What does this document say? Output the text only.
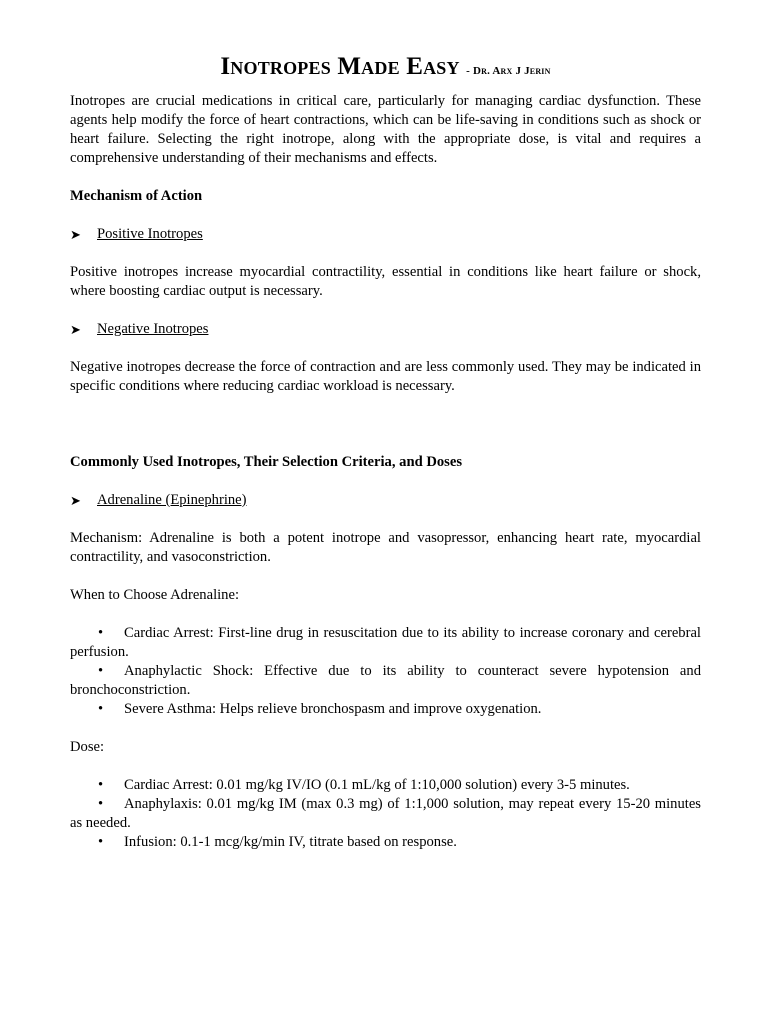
Inotropes Made Easy - Dr. Arx J Jerin

Inotropes are crucial medications in critical care, particularly for managing cardiac dysfunction. These agents help modify the force of heart contractions, which can be life-saving in conditions such as shock or heart failure. Selecting the right inotrope, along with the appropriate dose, is vital and requires a comprehensive understanding of their mechanisms and effects.

Mechanism of Action
➤	Positive Inotropes

Positive inotropes increase myocardial contractility, essential in conditions like heart failure or shock, where boosting cardiac output is necessary.

➤	Negative Inotropes

Negative inotropes decrease the force of contraction and are less commonly used. They may be indicated in specific conditions where reducing cardiac workload is necessary.

Commonly Used Inotropes, Their Selection Criteria, and Doses
➤	Adrenaline (Epinephrine)

Mechanism: Adrenaline is both a potent inotrope and vasopressor, enhancing heart rate, myocardial contractility, and vasoconstriction.

When to Choose Adrenaline:

• Cardiac Arrest: First-line drug in resuscitation due to its ability to increase coronary and cerebral perfusion.
• Anaphylactic Shock: Effective due to its ability to counteract severe hypotension and bronchoconstriction.
• Severe Asthma: Helps relieve bronchospasm and improve oxygenation.

Dose:

• Cardiac Arrest: 0.01 mg/kg IV/IO (0.1 mL/kg of 1:10,000 solution) every 3-5 minutes.
• Anaphylaxis: 0.01 mg/kg IM (max 0.3 mg) of 1:1,000 solution, may repeat every 15-20 minutes as needed.
• Infusion: 0.1-1 mcg/kg/min IV, titrate based on response.
